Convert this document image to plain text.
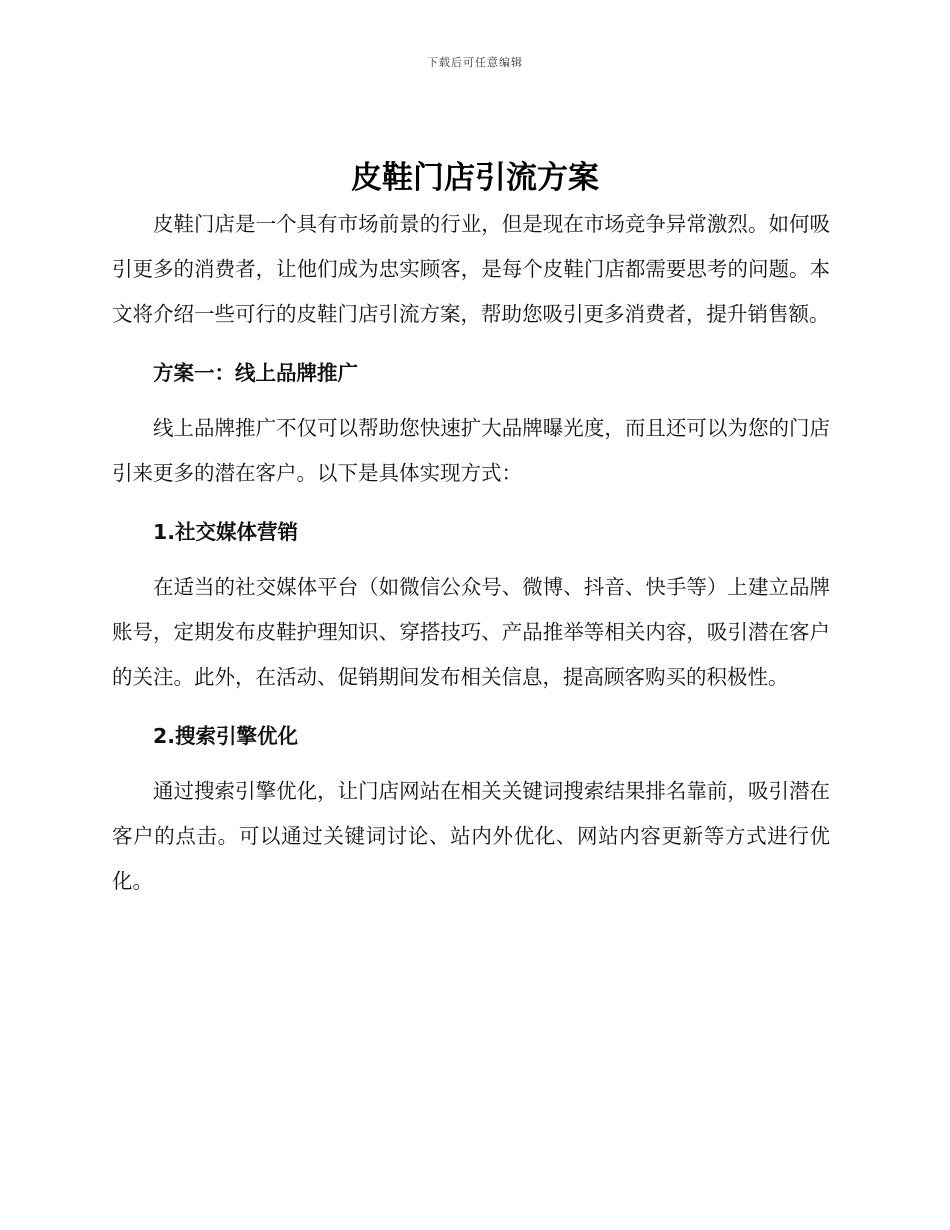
下载后可任意编辑
皮鞋门店引流方案

皮鞋门店是一个具有市场前景的行业，但是现在市场竞争异常激烈。如何吸引更多的消费者，让他们成为忠实顾客，是每个皮鞋门店都需要思考的问题。本文将介绍一些可行的皮鞋门店引流方案，帮助您吸引更多消费者，提升销售额。

方案一：线上品牌推广

线上品牌推广不仅可以帮助您快速扩大品牌曝光度，而且还可以为您的门店引来更多的潜在客户。以下是具体实现方式：

1.社交媒体营销

在适当的社交媒体平台（如微信公众号、微博、抖音、快手等）上建立品牌账号，定期发布皮鞋护理知识、穿搭技巧、产品推举等相关内容，吸引潜在客户的关注。此外，在活动、促销期间发布相关信息，提高顾客购买的积极性。

2.搜索引擎优化

通过搜索引擎优化，让门店网站在相关关键词搜索结果排名靠前，吸引潜在客户的点击。可以通过关键词讨论、站内外优化、网站内容更新等方式进行优化。
